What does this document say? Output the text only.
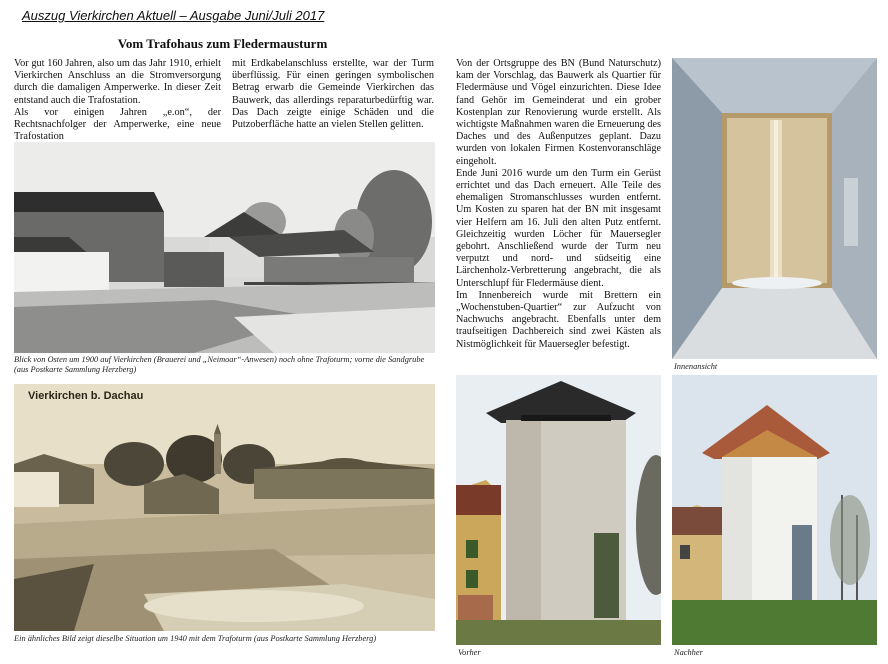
Auszug Vierkirchen Aktuell – Ausgabe Juni/Juli 2017
Vom Trafohaus zum Fledermausturm

Vor gut 160 Jahren, also um das Jahr 1910, erhielt Vierkirchen Anschluss an die Stromversorgung durch die damaligen Amperwerke. In dieser Zeit entstand auch die Trafostation.

Als vor einigen Jahren „e.on“, der Rechtsnachfolger der Amperwerke, eine neue Trafostation

mit Erdkabelanschluss erstellte, war der Turm überflüssig. Für einen geringen symbolischen Betrag erwarb die Gemeinde Vierkirchen das Bauwerk, das allerdings reparaturbedürftig war. Das Dach zeigte einige Schäden und die Putzoberfläche hatte an vielen Stellen gelitten.

Von der Ortsgruppe des BN (Bund Naturschutz) kam der Vorschlag, das Bauwerk als Quartier für Fledermäuse und Vögel einzurichten. Diese Idee fand Gehör im Gemeinderat und ein grober Kostenplan zur Renovierung wurde erstellt. Als wichtigste Maßnahmen waren die Erneuerung des Daches und des Außenputzes geplant. Dazu wurden von lokalen Firmen Kostenvoranschläge eingeholt.

Ende Juni 2016 wurde um den Turm ein Gerüst errichtet und das Dach erneuert. Alle Teile des ehemaligen Stromanschlusses wurden entfernt. Um Kosten zu sparen hat der BN mit insgesamt vier Helfern am 16. Juli den alten Putz entfernt. Gleichzeitig wurden Löcher für Mauersegler gebohrt. Anschließend wurde der Turm neu verputzt und nord- und südseitig eine Lärchenholz-Verbretterung angebracht, die als Unterschlupf für Fledermäuse dient.

Im Innenbereich wurde mit Brettern ein „Wochenstuben-Quartier“ zur Aufzucht von Nachwuchs angebracht. Ebenfalls unter dem traufseitigen Dachbereich sind zwei Kästen als Nistmöglichkeit für Mauersegler befestigt.

Blick von Osten um 1900 auf Vierkirchen (Brauerei und „Neimoar“-Anwesen) noch ohne Trafoturm; vorne die Sandgrube (aus Postkarte Sammlung Herzberg)
Vierkirchen b. Dachau
Ein ähnliches Bild zeigt dieselbe Situation um 1940 mit dem Trafoturm (aus Postkarte Sammlung Herzberg)
Innenansicht
Vorher	Nachher
